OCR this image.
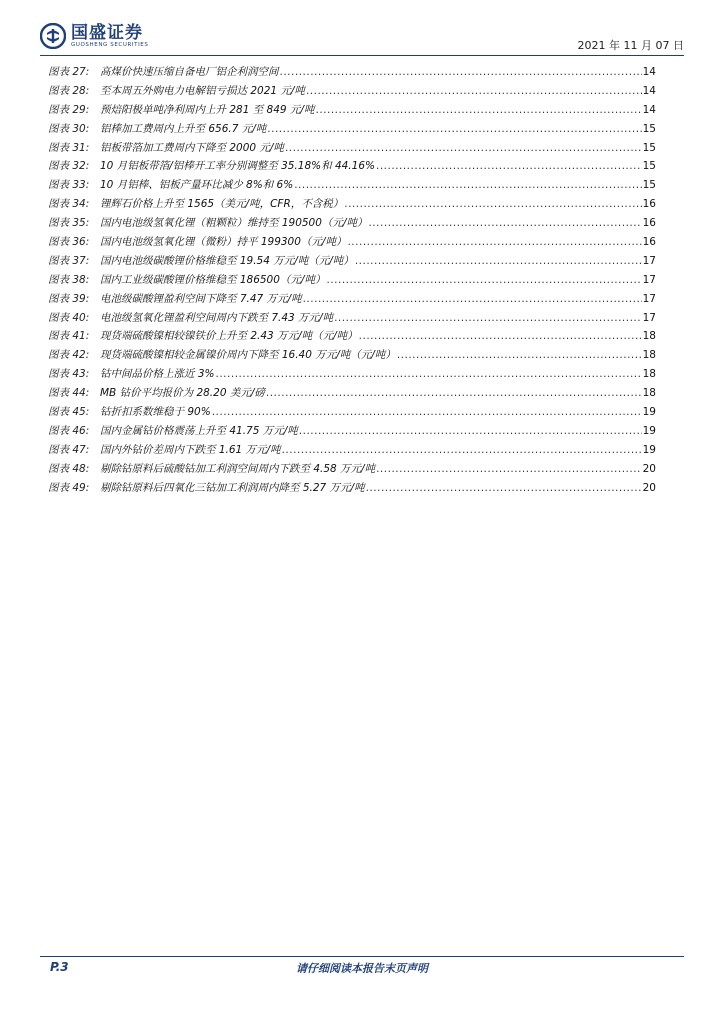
国盛证券
GUOSHENG SECURITIES	2021 年 11 月 07 日
图表 27:	高煤价快速压缩自备电厂铝企利润空间 .....	14
图表 28:	至本周五外购电力电解铝亏损达 2021 元/吨 .....	14
图表 29:	预焙阳极单吨净利周内上升 281 至 849 元/吨 .....	14
图表 30:	铝棒加工费周内上升至 656.7 元/吨 .....	15
图表 31:	铝板带箔加工费周内下降至 2000 元/吨 .....	15
图表 32:	10 月铝板带箔/铝棒开工率分别调整至 35.18%和 44.16% .....	15
图表 33:	10 月铝棒、铝板产量环比减少 8%和 6% .....	15
图表 34:	锂辉石价格上升至 1565（美元/吨，CFR，不含税） .....	16
图表 35:	国内电池级氢氧化锂（粗颗粒）维持至 190500（元/吨） .....	16
图表 36:	国内电池级氢氧化锂（微粉）持平 199300（元/吨） .....	16
图表 37:	国内电池级碳酸锂价格维稳至 19.54 万元/吨（元/吨） .....	17
图表 38:	国内工业级碳酸锂价格维稳至 186500（元/吨） .....	17
图表 39:	电池级碳酸锂盈利空间下降至 7.47 万元/吨 .....	17
图表 40:	电池级氢氧化锂盈利空间周内下跌至 7.43 万元/吨 .....	17
图表 41:	现货端硫酸镍相较镍铁价上升至 2.43 万元/吨（元/吨） .....	18
图表 42:	现货端硫酸镍相较金属镍价周内下降至 16.40 万元/吨（元/吨） .....	18
图表 43:	钴中间品价格上涨近 3% .....	18
图表 44:	MB 钴价平均报价为 28.20 美元/磅 .....	18
图表 45:	钴折扣系数维稳于 90% .....	19
图表 46:	国内金属钴价格震荡上升至 41.75 万元/吨 .....	19
图表 47:	国内外钴价差周内下跌至 1.61 万元/吨 .....	19
图表 48:	剔除钴原料后硫酸钴加工利润空间周内下跌至 4.58 万元/吨 .....	20
图表 49:	剔除钴原料后四氧化三钴加工利润周内降至 5.27 万元/吨 .....	20
P.3	请仔细阅读本报告末页声明
